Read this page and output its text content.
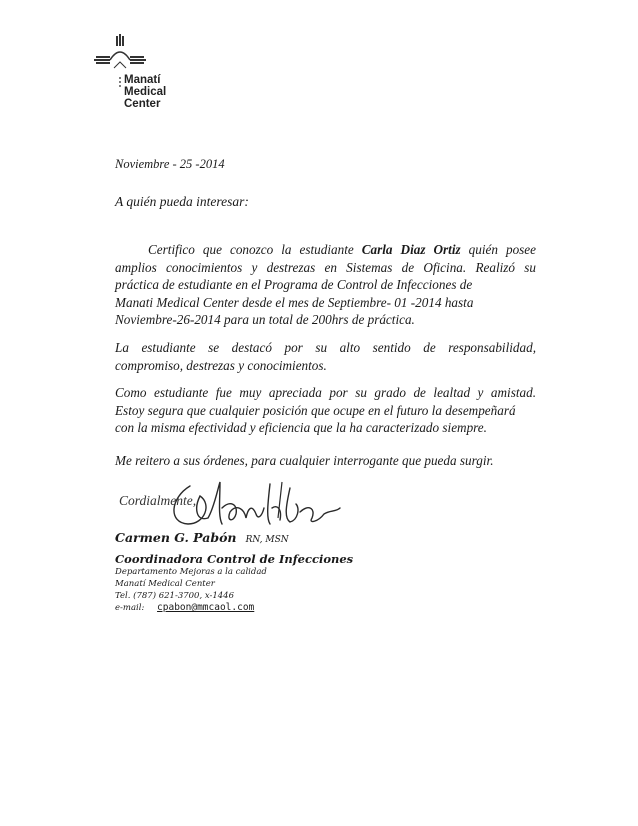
Manatí
Medical
Center
Noviembre - 25 -2014
A quién pueda interesar:
Certifico que conozco la estudiante Carla Diaz Ortiz quién posee
amplios conocimientos y destrezas en Sistemas de Oficina. Realizó su
práctica de estudiante en el Programa de Control de Infecciones de
Manati Medical Center desde el mes de Septiembre- 01 -2014 hasta
Noviembre-26-2014 para un total de 200hrs de práctica.
La estudiante se destacó por su alto sentido de responsabilidad,
compromiso, destrezas y conocimientos.
Como estudiante fue muy apreciada por su grado de lealtad y amistad.
Estoy segura que cualquier posición que ocupe en el futuro la desempeñará
con la misma efectividad y eficiencia que la ha caracterizado siempre.
Me reitero a sus órdenes, para cualquier interrogante que pueda surgir.
Cordialmente,
Carmen G. Pabón RN, MSN
Coordinadora Control de Infecciones
Departamento Mejoras a la calidad
Manatí Medical Center
Tel. (787) 621-3700, x-1446
e-mail: cpabon@mmcaol.com
